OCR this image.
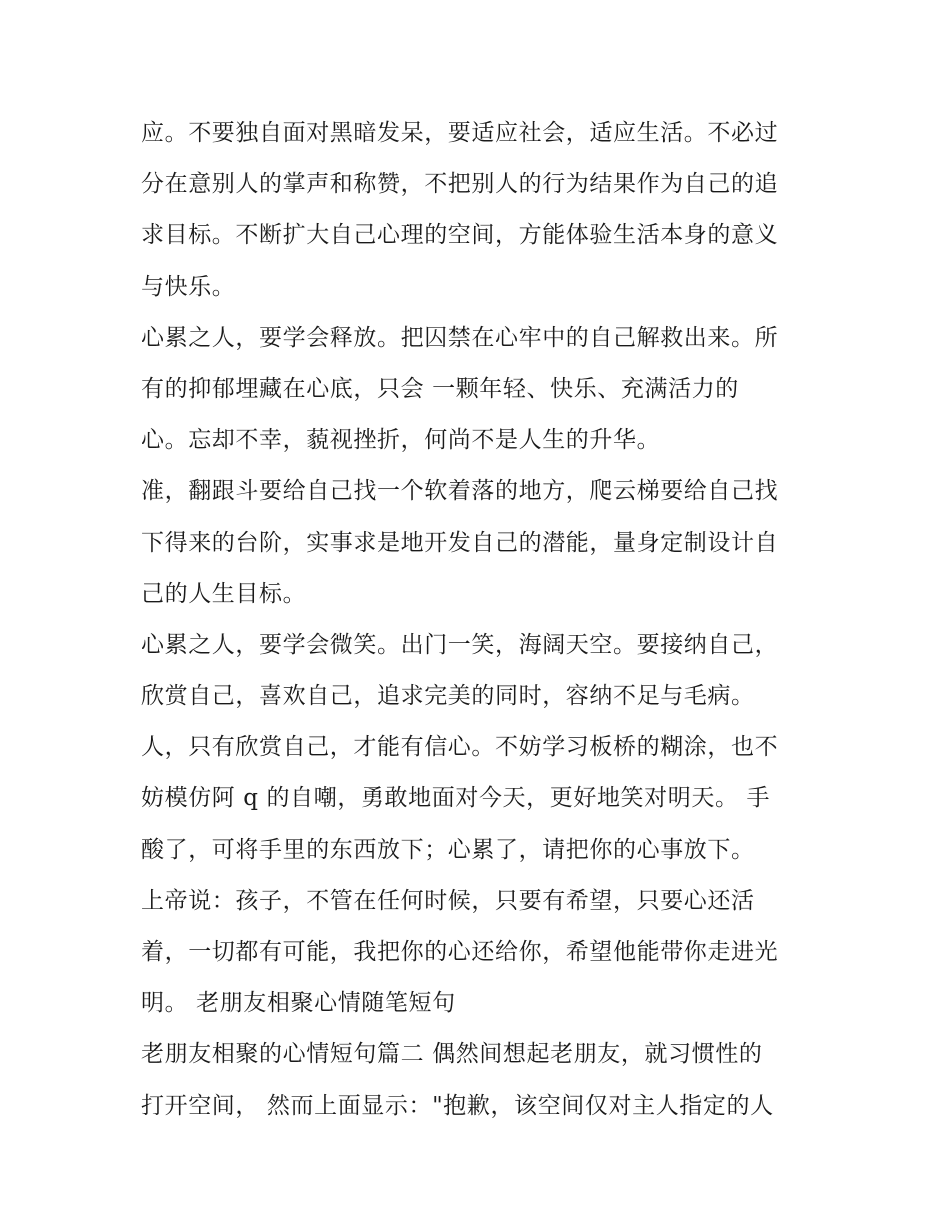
应。不要独自面对黑暗发呆，要适应社会，适应生活。不必过
分在意别人的掌声和称赞，不把别人的行为结果作为自己的追
求目标。不断扩大自己心理的空间，方能体验生活本身的意义
与快乐。
心累之人，要学会释放。把囚禁在心牢中的自己解救出来。所
有的抑郁埋藏在心底，只会 一颗年轻、快乐、充满活力的
心。忘却不幸，藐视挫折，何尚不是人生的升华。
准，翻跟斗要给自己找一个软着落的地方，爬云梯要给自己找
下得来的台阶，实事求是地开发自己的潜能，量身定制设计自
己的人生目标。
心累之人，要学会微笑。出门一笑，海阔天空。要接纳自己，
欣赏自己，喜欢自己，追求完美的同时，容纳不足与毛病。
人，只有欣赏自己，才能有信心。不妨学习板桥的糊涂，也不
妨模仿阿 q 的自嘲，勇敢地面对今天，更好地笑对明天。 手
酸了，可将手里的东西放下；心累了，请把你的心事放下。
上帝说：孩子，不管在任何时候，只要有希望，只要心还活
着，一切都有可能，我把你的心还给你，希望他能带你走进光
明。 老朋友相聚心情随笔短句
老朋友相聚的心情短句篇二 偶然间想起老朋友，就习惯性的
打开空间， 然而上面显示："抱歉，该空间仅对主人指定的人
